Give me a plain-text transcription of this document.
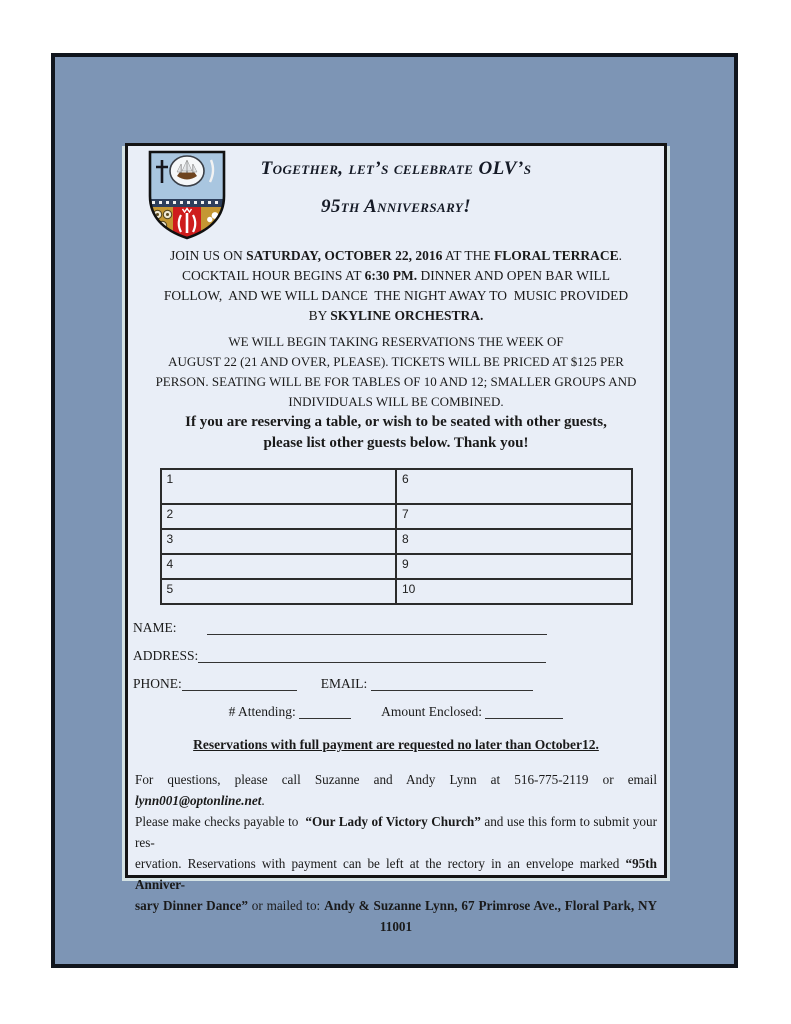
Together, let’s celebrate OLV’s
95th Anniversary!
JOIN US ON SATURDAY, OCTOBER 22, 2016 AT THE FLORAL TERRACE.
COCKTAIL HOUR BEGINS AT 6:30 PM. DINNER AND OPEN BAR WILL
FOLLOW,  AND WE WILL DANCE  THE NIGHT AWAY TO  MUSIC PROVIDED
BY SKYLINE ORCHESTRA.
WE WILL BEGIN TAKING RESERVATIONS THE WEEK OF
AUGUST 22 (21 AND OVER, PLEASE). TICKETS WILL BE PRICED AT $125 PER
PERSON. SEATING WILL BE FOR TABLES OF 10 AND 12; SMALLER GROUPS AND
INDIVIDUALS WILL BE COMBINED.
If you are reserving a table, or wish to be seated with other guests,
please list other guests below. Thank you!
1	6
2	7
3	8
4	9
5	10
NAME:
ADDRESS:
PHONE:	EMAIL:

# Attending:
	Amount Enclosed:

Reservations with full payment are requested no later than October12.
For questions, please call Suzanne and Andy Lynn at 516-775-2119 or email lynn001@optonline.net.
Please make checks payable to  “Our Lady of Victory Church” and use this form to submit your res-
ervation. Reservations with payment can be left at the rectory in an envelope marked “95th Anniver-
sary Dinner Dance” or mailed to: Andy & Suzanne Lynn, 67 Primrose Ave., Floral Park, NY
11001
